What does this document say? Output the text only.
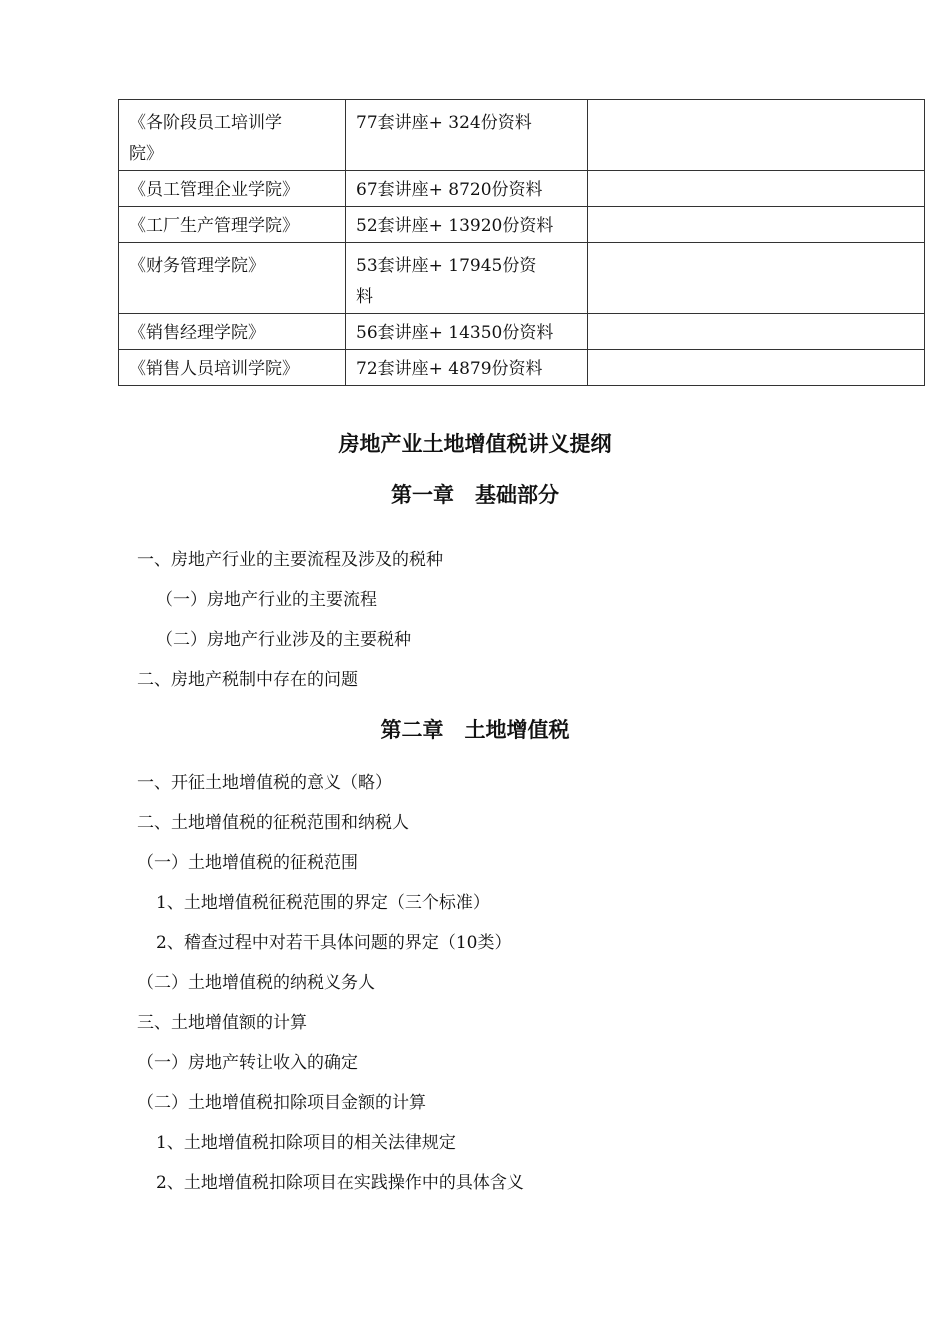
《各阶段员工培训学院》	77套讲座+ 324份资料	
《员工管理企业学院》	67套讲座+ 8720份资料	
《工厂生产管理学院》	52套讲座+ 13920份资料	
《财务管理学院》	53套讲座+ 17945份资料	
《销售经理学院》	56套讲座+ 14350份资料	
《销售人员培训学院》	72套讲座+ 4879份资料	
房地产业土地增值税讲义提纲
第一章　基础部分
一、房地产行业的主要流程及涉及的税种
（一）房地产行业的主要流程
（二）房地产行业涉及的主要税种
二、房地产税制中存在的问题
第二章　土地增值税
一、开征土地增值税的意义（略）
二、土地增值税的征税范围和纳税人
（一）土地增值税的征税范围
1、土地增值税征税范围的界定（三个标准）
2、稽查过程中对若干具体问题的界定（10类）
（二）土地增值税的纳税义务人
三、土地增值额的计算
（一）房地产转让收入的确定
（二）土地增值税扣除项目金额的计算
1、土地增值税扣除项目的相关法律规定
2、土地增值税扣除项目在实践操作中的具体含义
